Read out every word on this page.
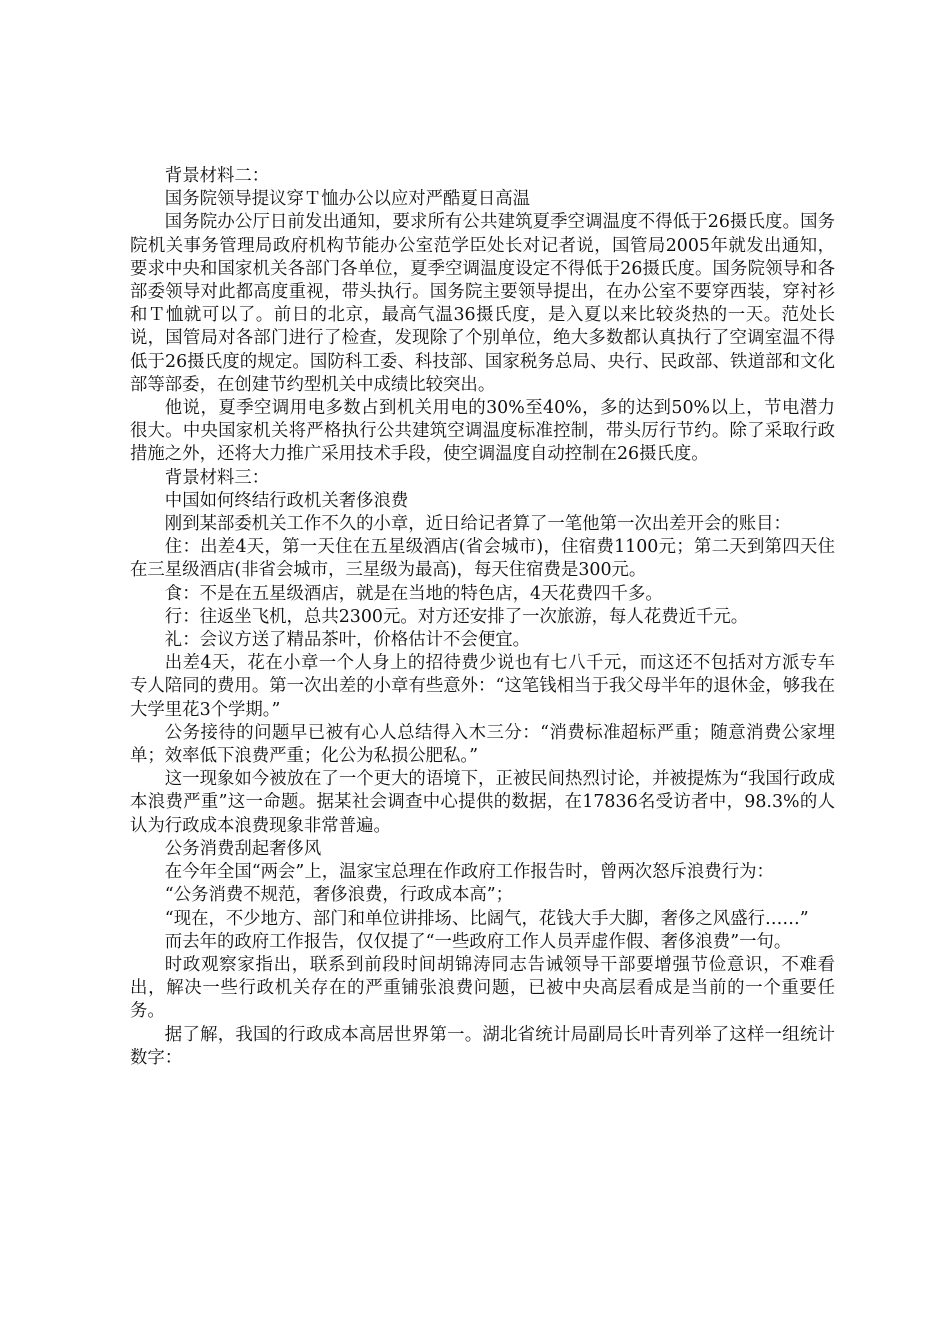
背景材料二：

国务院领导提议穿Ｔ恤办公以应对严酷夏日高温

国务院办公厅日前发出通知，要求所有公共建筑夏季空调温度不得低于26摄氏度。国务院机关事务管理局政府机构节能办公室范学臣处长对记者说，国管局2005年就发出通知，要求中央和国家机关各部门各单位，夏季空调温度设定不得低于26摄氏度。国务院领导和各部委领导对此都高度重视，带头执行。国务院主要领导提出，在办公室不要穿西装，穿衬衫和Ｔ恤就可以了。前日的北京，最高气温36摄氏度，是入夏以来比较炎热的一天。范处长说，国管局对各部门进行了检查，发现除了个别单位，绝大多数都认真执行了空调室温不得低于26摄氏度的规定。国防科工委、科技部、国家税务总局、央行、民政部、铁道部和文化部等部委，在创建节约型机关中成绩比较突出。

他说，夏季空调用电多数占到机关用电的30%至40%，多的达到50%以上，节电潜力很大。中央国家机关将严格执行公共建筑空调温度标准控制，带头厉行节约。除了采取行政措施之外，还将大力推广采用技术手段，使空调温度自动控制在26摄氏度。

背景材料三：

中国如何终结行政机关奢侈浪费

刚到某部委机关工作不久的小章，近日给记者算了一笔他第一次出差开会的账目：

住：出差4天，第一天住在五星级酒店(省会城市)，住宿费1100元；第二天到第四天住在三星级酒店(非省会城市，三星级为最高)，每天住宿费是300元。

食：不是在五星级酒店，就是在当地的特色店，4天花费四千多。

行：往返坐飞机，总共2300元。对方还安排了一次旅游，每人花费近千元。

礼：会议方送了精品茶叶，价格估计不会便宜。

出差4天，花在小章一个人身上的招待费少说也有七八千元，而这还不包括对方派专车专人陪同的费用。第一次出差的小章有些意外：“这笔钱相当于我父母半年的退休金，够我在大学里花3个学期。”

公务接待的问题早已被有心人总结得入木三分：“消费标准超标严重；随意消费公家埋单；效率低下浪费严重；化公为私损公肥私。”

这一现象如今被放在了一个更大的语境下，正被民间热烈讨论，并被提炼为“我国行政成本浪费严重”这一命题。据某社会调查中心提供的数据，在17836名受访者中，98.3%的人认为行政成本浪费现象非常普遍。

公务消费刮起奢侈风

在今年全国“两会”上，温家宝总理在作政府工作报告时，曾两次怒斥浪费行为：

“公务消费不规范，奢侈浪费，行政成本高”；

“现在，不少地方、部门和单位讲排场、比阔气，花钱大手大脚，奢侈之风盛行……”

而去年的政府工作报告，仅仅提了“一些政府工作人员弄虚作假、奢侈浪费”一句。

时政观察家指出，联系到前段时间胡锦涛同志告诫领导干部要增强节俭意识，不难看出，解决一些行政机关存在的严重铺张浪费问题，已被中央高层看成是当前的一个重要任务。

据了解，我国的行政成本高居世界第一。湖北省统计局副局长叶青列举了这样一组统计数字：
